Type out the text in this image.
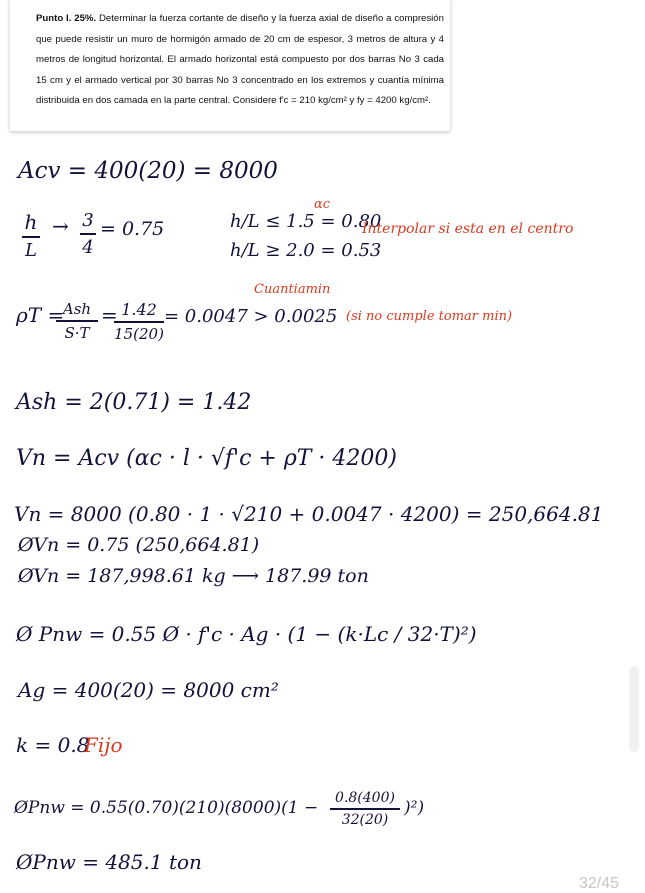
Punto I. 25%. Determinar la fuerza cortante de diseño y la fuerza axial de diseño a compresión que puede resistir un muro de hormigón armado de 20 cm de espesor, 3 metros de altura y 4 metros de longitud horizontal. El armado horizontal está compuesto por dos barras No 3 cada 15 cm y el armado vertical por 30 barras No 3 concentrado en los extremos y cuantía mínima distribuida en dos camada en la parte central. Considere f'c = 210 kg/cm² y fy = 4200 kg/cm².

Acv = 400(20) = 8000
h
L
→ 3
4
= 0.75
αc
h/L ≤ 1.5 = 0.80
h/L ≥ 2.0 = 0.53
Interpolar si esta en el centro
Cuantiamin
ρT =
Ash
S·T
= 1.42
15(20)
= 0.0047 > 0.0025 (si no cumple tomar min)
Ash = 2(0.71) = 1.42
Vn = Acv (αc · l · √f'c + ρT · 4200)
Vn = 8000 (0.80 · 1 · √210 + 0.0047 · 4200) = 250,664.81
ØVn = 0.75 (250,664.81)
ØVn = 187,998.61 kg ⟶ 187.99 ton
Ø Pnw = 0.55 Ø · f'c · Ag · (1 − (k·Lc / 32·T)²)
Ag = 400(20) = 8000 cm²
k = 0.8
Fijo
ØPnw = 0.55(0.70)(210)(8000)(1 −	0.8(400)
32(20)
)²)
ØPnw = 485.1 ton
32/45
